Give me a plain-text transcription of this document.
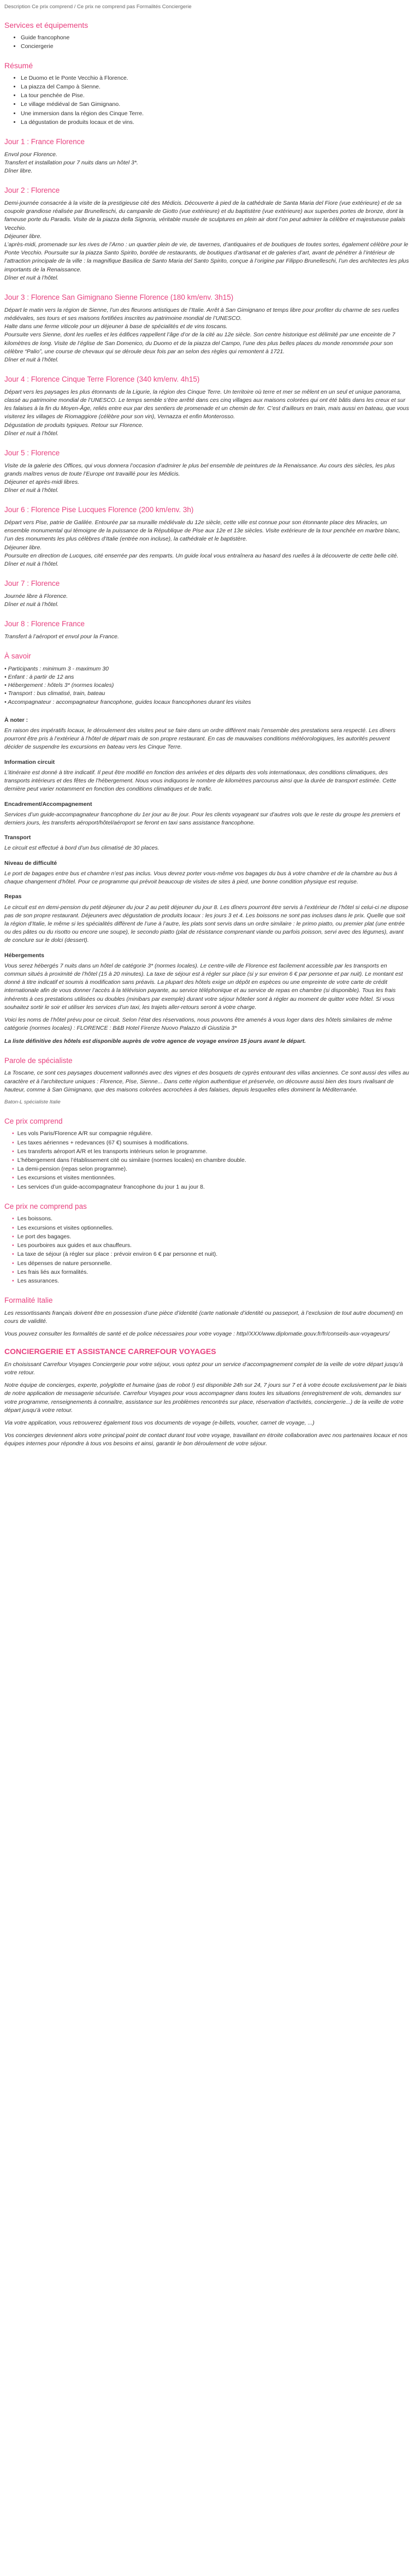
Description Ce prix comprend / Ce prix ne comprend pas Formalités Conciergerie
Services et équipements
• Guide francophone
• Conciergerie
Résumé
• Le Duomo et le Ponte Vecchio à Florence.
• La piazza del Campo à Sienne.
• La tour penchée de Pise.
• Le village médiéval de San Gimignano.
• Une immersion dans la région des Cinque Terre.
• La dégustation de produits locaux et de vins.
Jour 1 : France Florence

Envol pour Florence.

Transfert et installation pour 7 nuits dans un hôtel 3*.

Dîner libre.

Jour 2 : Florence

Demi-journée consacrée à la visite de la prestigieuse cité des Médicis. Découverte à pied de la cathédrale de Santa Maria del Fiore (vue extérieure) et de sa coupole grandiose réalisée par Brunelleschi, du campanile de Giotto (vue extérieure) et du baptistère (vue extérieure) aux superbes portes de bronze, dont la fameuse porte du Paradis. Visite de la piazza della Signoria, véritable musée de sculptures en plein air dont l’on peut admirer la célèbre et majestueuse palais Vecchio.

Déjeuner libre.

L’après-midi, promenade sur les rives de l’Arno : un quartier plein de vie, de tavernes, d’antiquaires et de boutiques de toutes sortes, également célèbre pour le Ponte Vecchio. Poursuite sur la piazza Santo Spirito, bordée de restaurants, de boutiques d’artisanat et de galeries d’art, avant de pénétrer à l’intérieur de l’attraction principale de la ville : la magnifique Basilica de Santo Maria del Santo Spirito, conçue à l’origine par Filippo Brunelleschi, l’un des architectes les plus importants de la Renaissance.

Dîner et nuit à l’hôtel.

Jour 3 : Florence San Gimignano Sienne Florence (180 km/env. 3h15)

Départ le matin vers la région de Sienne, l’un des fleurons artistiques de l’Italie. Arrêt à San Gimignano et temps libre pour profiter du charme de ses ruelles médiévales, ses tours et ses maisons fortifiées inscrites au patrimoine mondial de l’UNESCO.

Halte dans une ferme viticole pour un déjeuner à base de spécialités et de vins toscans.

Poursuite vers Sienne, dont les ruelles et les édifices rappellent l’âge d’or de la cité au 12e siècle. Son centre historique est délimité par une enceinte de 7 kilomètres de long. Visite de l’église de San Domenico, du Duomo et de la piazza del Campo, l’une des plus belles places du monde renommée pour son célèbre “Palio”, une course de chevaux qui se déroule deux fois par an selon des règles qui remontent à 1721.

Dîner et nuit à l’hôtel.

Jour 4 : Florence Cinque Terre Florence (340 km/env. 4h15)

Départ vers les paysages les plus étonnants de la Ligurie, la région des Cinque Terre. Un territoire où terre et mer se mêlent en un seul et unique panorama, classé au patrimoine mondial de l’UNESCO. Le temps semble s’être arrêté dans ces cinq villages aux maisons colorées qui ont été bâtis dans les creux et sur les falaises à la fin du Moyen-Âge, reliés entre eux par des sentiers de promenade et un chemin de fer. C’est d’ailleurs en train, mais aussi en bateau, que vous visiterez les villages de Riomaggiore (célèbre pour son vin), Vernazza et enfin Monterosso.

Dégustation de produits typiques. Retour sur Florence.

Dîner et nuit à l’hôtel.

Jour 5 : Florence

Visite de la galerie des Offices, qui vous donnera l’occasion d’admirer le plus bel ensemble de peintures de la Renaissance. Au cours des siècles, les plus grands maîtres venus de toute l’Europe ont travaillé pour les Médicis.

Déjeuner et après-midi libres.

Dîner et nuit à l’hôtel.

Jour 6 : Florence Pise Lucques Florence (200 km/env. 3h)

Départ vers Pise, patrie de Galilée. Entourée par sa muraille médiévale du 12e siècle, cette ville est connue pour son étonnante place des Miracles, un ensemble monumental qui témoigne de la puissance de la République de Pise aux 12e et 13e siècles. Visite extérieure de la tour penchée en marbre blanc, l’un des monuments les plus célèbres d’Italie (entrée non incluse), la cathédrale et le baptistère.

Déjeuner libre.

Poursuite en direction de Lucques, cité enserrée par des remparts. Un guide local vous entraînera au hasard des ruelles à la découverte de cette belle cité.

Dîner et nuit à l’hôtel.

Jour 7 : Florence

Journée libre à Florence.

Dîner et nuit à l’hôtel.

Jour 8 : Florence France

Transfert à l’aéroport et envol pour la France.

À savoir

• Participants : minimum 3 - maximum 30

• Enfant : à partir de 12 ans

• Hébergement : hôtels 3* (normes locales)

• Transport : bus climatisé, train, bateau

• Accompagnateur : accompagnateur francophone, guides locaux francophones durant les visites

À noter :

En raison des impératifs locaux, le déroulement des visites peut se faire dans un ordre différent mais l’ensemble des prestations sera respecté. Les dîners pourront être pris à l’extérieur à l’hôtel de départ mais de son propre restaurant. En cas de mauvaises conditions météorologiques, les autorités peuvent décider de suspendre les excursions en bateau vers les Cinque Terre.

Information circuit

L’itinéraire est donné à titre indicatif. Il peut être modifié en fonction des arrivées et des départs des vols internationaux, des conditions climatiques, des transports intérieurs et des fêtes de l’hébergement. Nous vous indiquons le nombre de kilomètres parcourus ainsi que la durée de transport estimée. Cette dernière peut varier notamment en fonction des conditions climatiques et de trafic.

Encadrement/Accompagnement

Services d’un guide-accompagnateur francophone du 1er jour au 8e jour. Pour les clients voyageant sur d’autres vols que le reste du groupe les premiers et derniers jours, les transferts aéroport/hôtel/aéroport se feront en taxi sans assistance francophone.

Transport

Le circuit est effectué à bord d’un bus climatisé de 30 places.

Niveau de difficulté

Le port de bagages entre bus et chambre n’est pas inclus. Vous devrez porter vous-même vos bagages du bus à votre chambre et de la chambre au bus à chaque changement d’hôtel. Pour ce programme qui prévoit beaucoup de visites de sites à pied, une bonne condition physique est requise.

Repas

Le circuit est en demi-pension du petit déjeuner du jour 2 au petit déjeuner du jour 8. Les dîners pourront être servis à l’extérieur de l’hôtel si celui-ci ne dispose pas de son propre restaurant. Déjeuners avec dégustation de produits locaux : les jours 3 et 4. Les boissons ne sont pas incluses dans le prix. Quelle que soit la région d’Italie, le même si les spécialités diffèrent de l’une à l’autre, les plats sont servis dans un ordre similaire : le primo piatto, ou premier plat (une entrée ou des pâtes ou du risotto ou encore une soupe), le secondo piatto (plat de résistance comprenant viande ou parfois poisson, servi avec des légumes), avant de conclure sur le dolci (dessert).

Hébergements

Vous serez hébergés 7 nuits dans un hôtel de catégorie 3* (normes locales). Le centre-ville de Florence est facilement accessible par les transports en commun situés à proximité de l’hôtel (15 à 20 minutes). La taxe de séjour est à régler sur place (si y sur environ 6 € par personne et par nuit). Le montant est donné à titre indicatif et soumis à modification sans préavis. La plupart des hôtels exige un dépôt en espèces ou une empreinte de votre carte de crédit internationale afin de vous donner l’accès à la télévision payante, au service téléphonique et au service de repas en chambre (si disponible). Tous les frais inhérents à ces prestations utilisées ou doubles (minibars par exemple) durant votre séjour hôtelier sont à régler au moment de quitter votre hôtel. Si vous souhaitez sortir le soir et utiliser les services d’un taxi, les trajets aller-retours seront à votre charge.

Voici les noms de l’hôtel prévu pour ce circuit. Selon l’état des réservations, nous pouvons être amenés à vous loger dans des hôtels similaires de même catégorie (normes locales) : FLORENCE : B&B Hotel Firenze Nuovo Palazzo di Giustizia 3*

La liste définitive des hôtels est disponible auprès de votre agence de voyage environ 15 jours avant le départ.

Parole de spécialiste

La Toscane, ce sont ces paysages doucement vallonnés avec des vignes et des bosquets de cyprès entourant des villas anciennes. Ce sont aussi des villes au caractère et à l’architecture uniques : Florence, Pise, Sienne... Dans cette région authentique et préservée, on découvre aussi bien des tours rivalisant de hauteur, comme à San Gimignano, que des maisons colorées accrochées à des falaises, depuis lesquelles elles dominent la Méditerranée.

Baton-L spécialiste Italie

Ce prix comprend
• Les vols Paris/Florence A/R sur compagnie régulière.
• Les taxes aériennes + redevances (67 €) soumises à modifications.
• Les transferts aéroport A/R et les transports intérieurs selon le programme.
• L’hébergement dans l’établissement cité ou similaire (normes locales) en chambre double.
• La demi-pension (repas selon programme).
• Les excursions et visites mentionnées.
• Les services d’un guide-accompagnateur francophone du jour 1 au jour 8.
Ce prix ne comprend pas
• Les boissons.
• Les excursions et visites optionnelles.
• Le port des bagages.
• Les pourboires aux guides et aux chauffeurs.
• La taxe de séjour (à régler sur place : prévoir environ 6 € par personne et nuit).
• Les dépenses de nature personnelle.
• Les frais liés aux formalités.
• Les assurances.
Formalité Italie

Les ressortissants français doivent être en possession d’une pièce d’identité (carte nationale d’identité ou passeport, à l’exclusion de tout autre document) en cours de validité.

Vous pouvez consulter les formalités de santé et de police nécessaires pour votre voyage : http//XXX/www.diplomatie.gouv.fr/fr/conseils-aux-voyageurs/

CONCIERGERIE ET ASSISTANCE CARREFOUR VOYAGES

En choisissant Carrefour Voyages Conciergerie pour votre séjour, vous optez pour un service d’accompagnement complet de la veille de votre départ jusqu’à votre retour.

Notre équipe de concierges, experte, polyglotte et humaine (pas de robot !) est disponible 24h sur 24, 7 jours sur 7 et à votre écoute exclusivement par le biais de notre application de messagerie sécurisée. Carrefour Voyages pour vous accompagner dans toutes les situations (enregistrement de vols, demandes sur votre programme, renseignements à connaître, assistance sur les problèmes rencontrés sur place, réservation d’activités, conciergerie...) de la veille de votre départ jusqu’à votre retour.

Via votre application, vous retrouverez également tous vos documents de voyage (e-billets, voucher, carnet de voyage, ...)

Vos concierges deviennent alors votre principal point de contact durant tout votre voyage, travaillant en étroite collaboration avec nos partenaires locaux et nos équipes internes pour répondre à tous vos besoins et ainsi, garantir le bon déroulement de votre séjour.
